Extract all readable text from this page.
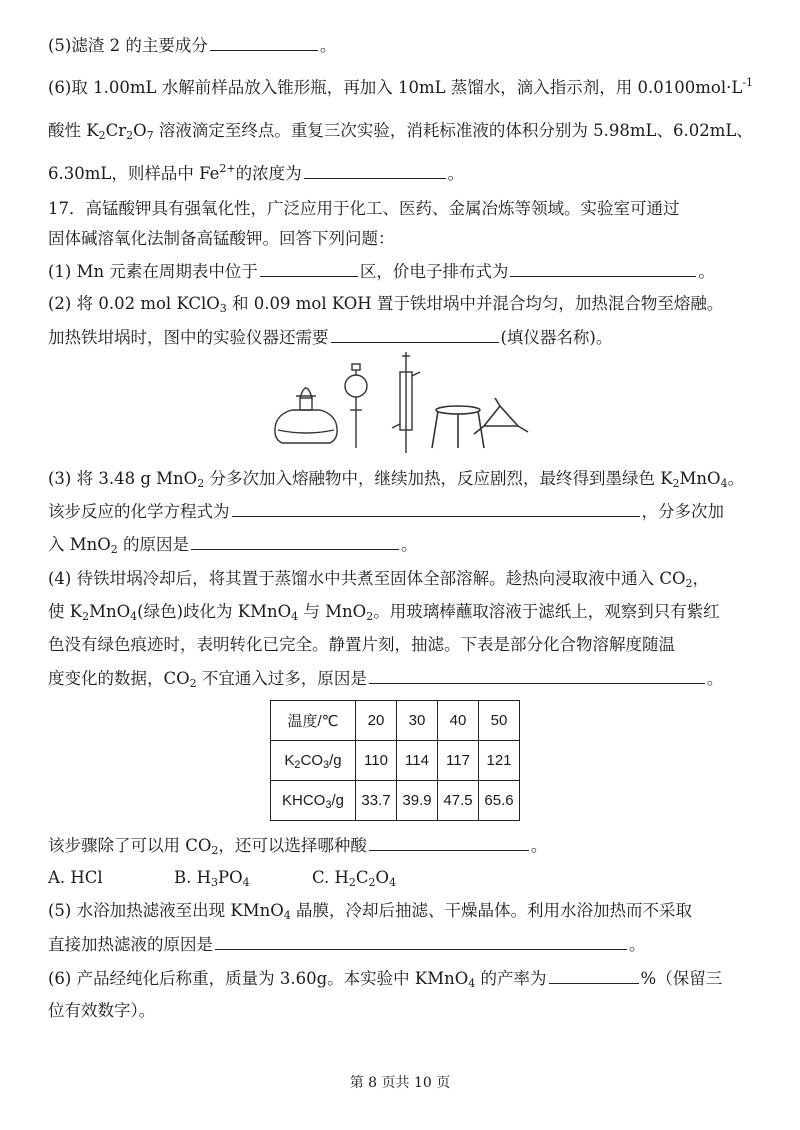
(5)滤渣 2 的主要成分	。
(6)取 1.00mL 水解前样品放入锥形瓶，再加入 10mL 蒸馏水，滴入指示剂，用 $0.0100mol\cdot L^{-1}$
酸性 $K_2Cr_2O_7$ 溶液滴定至终点。重复三次实验，消耗标准液的体积分别为 5.98mL、6.02mL、
6.30mL，则样品中 $Fe^{2+}$的浓度为	。
17．高锰酸钾具有强氧化性，广泛应用于化工、医药、金属冶炼等领域。实验室可通过
固体碱溶氧化法制备高锰酸钾。回答下列问题：
(1) Mn 元素在周期表中位于	区，价电子排布式为	。
(2) 将 0.02 mol KClO$_3$ 和 0.09 mol KOH 置于铁坩埚中并混合均匀，加热混合物至熔融。
加热铁坩埚时，图中的实验仪器还需要	(填仪器名称)。
(3) 将 3.48 g MnO$_2$ 分多次加入熔融物中，继续加热，反应剧烈，最终得到墨绿色 $K_2MnO_4$。
该步反应的化学方程式为	，分多次加
入 MnO$_2$ 的原因是	。
(4) 待铁坩埚冷却后，将其置于蒸馏水中共煮至固体全部溶解。趁热向浸取液中通入 $CO_2$，
使 $K_2MnO_4$(绿色)歧化为 KMnO$_4$ 与 MnO$_2$。用玻璃棒蘸取溶液于滤纸上，观察到只有紫红
色没有绿色痕迹时，表明转化已完全。静置片刻，抽滤。下表是部分化合物溶解度随温
度变化的数据，$CO_2$ 不宜通入过多，原因是	。
温度/℃	20	30	40	50
$K_2CO_3/g$	110	114	117	121
$KHCO_3/g$	33.7	39.9	47.5	65.6
该步骤除了可以用 $CO_2$，还可以选择哪种酸	。
A. HCl	B. $H_3PO_4$	C. $H_2C_2O_4$
(5) 水浴加热滤液至出现 KMnO$_4$ 晶膜，冷却后抽滤、干燥晶体。利用水浴加热而不采取
直接加热滤液的原因是	。
(6) 产品经纯化后称重，质量为 3.60g。本实验中 KMnO$_4$ 的产率为	%（保留三
位有效数字）。
第 8 页共 10 页
